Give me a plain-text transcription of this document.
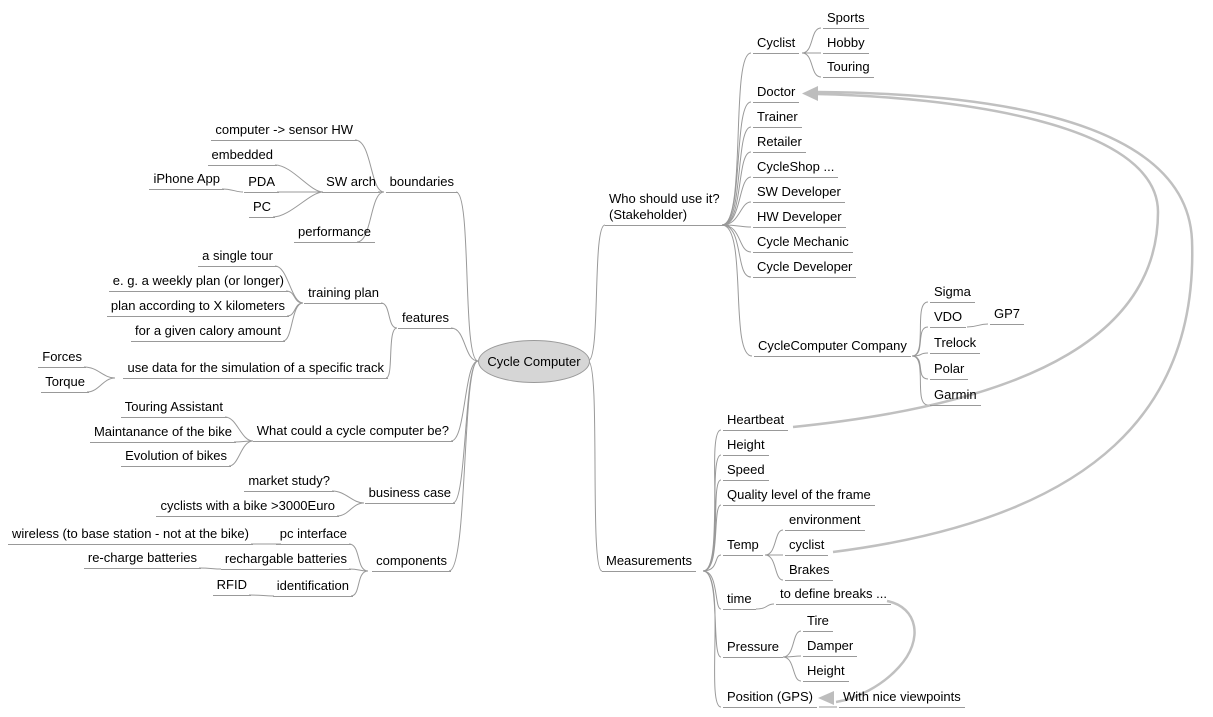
Cycle Computer
Who should use it? (Stakeholder)
Cyclist
Sports
Hobby
Touring
Doctor
Trainer
Retailer
CycleShop ...
SW Developer
HW Developer
Cycle Mechanic
Cycle Developer
CycleComputer Company
Sigma
VDO	GP7
Trelock
Polar
Garmin
Measurements
Heartbeat
Height
Speed
Quality level of the frame
Temp
environment
cyclist
Brakes
time	to define breaks ...
Pressure
Tire
Damper
Height
Position (GPS)	With nice viewpoints
boundaries
SW arch
computer -> sensor HW
embedded
PDA
iPhone App
PC
performance
features
training plan
a single tour
e. g. a weekly plan (or longer)
plan according to X kilometers
for a given calory amount
use data for the simulation of a specific track
Forces
Torque
What could a cycle computer be?
Touring Assistant
Maintanance of the bike
Evolution of bikes
business case
market study?
cyclists with a bike >3000Euro
components
pc interface
wireless (to base station - not at the bike)
rechargable batteries
re-charge batteries
identification
RFID
